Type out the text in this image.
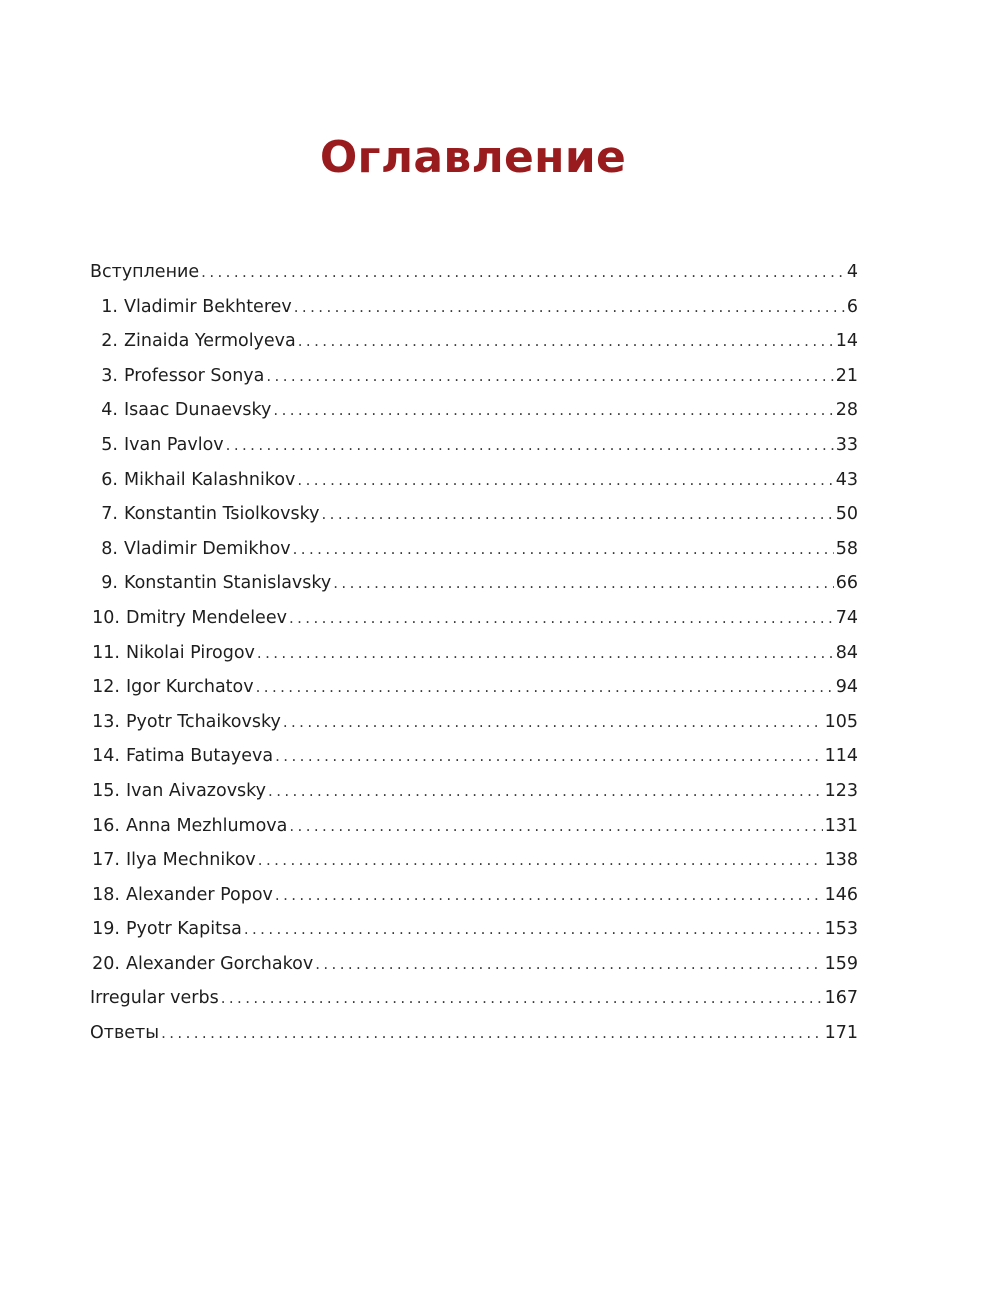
Оглавление
Вступление .....	4
1. Vladimir Bekhterev .....	6
2. Zinaida Yermolyeva .....	14
3. Professor Sonya .....	21
4. Isaac Dunaevsky .....	28
5. Ivan Pavlov .....	33
6. Mikhail Kalashnikov .....	43
7. Konstantin Tsiolkovsky .....	50
8. Vladimir Demikhov .....	58
9. Konstantin Stanislavsky .....	66
10. Dmitry Mendeleev .....	74
11. Nikolai Pirogov .....	84
12. Igor Kurchatov .....	94
13. Pyotr Tchaikovsky .....	105
14. Fatima Butayeva .....	114
15. Ivan Aivazovsky .....	123
16. Anna Mezhlumova .....	131
17. Ilya Mechnikov .....	138
18. Alexander Popov .....	146
19. Pyotr Kapitsa .....	153
20. Alexander Gorchakov .....	159
Irregular verbs .....	167
Ответы .....	171
